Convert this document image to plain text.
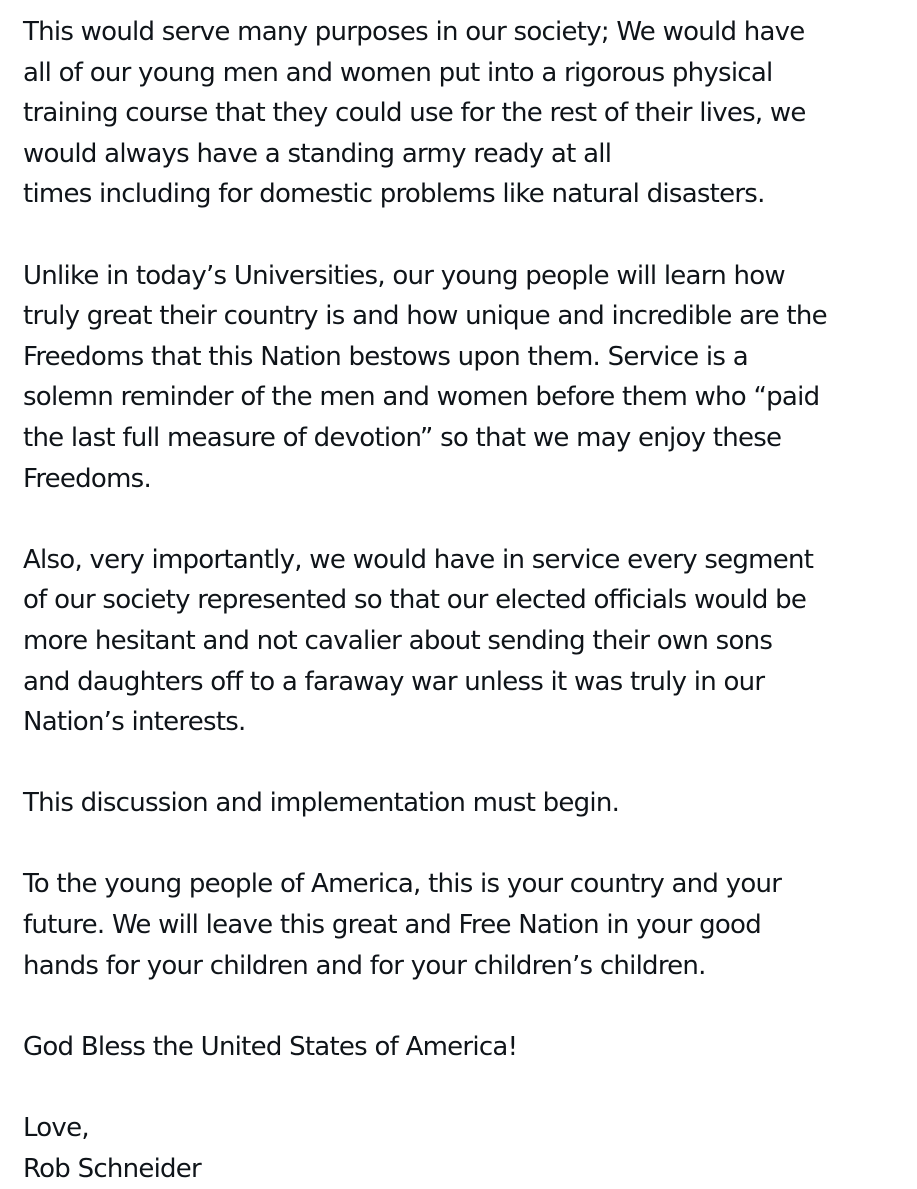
This would serve many purposes in our society; We would have
all of our young men and women put into a rigorous physical
training course that they could use for the rest of their lives, we
would always have a standing army ready at all
times including for domestic problems like natural disasters.

Unlike in today’s Universities, our young people will learn how
truly great their country is and how unique and incredible are the
Freedoms that this Nation bestows upon them. Service is a
solemn reminder of the men and women before them who “paid
the last full measure of devotion” so that we may enjoy these
Freedoms.

Also, very importantly, we would have in service every segment
of our society represented so that our elected officials would be
more hesitant and not cavalier about sending their own sons
and daughters off to a faraway war unless it was truly in our
Nation’s interests.

This discussion and implementation must begin.

To the young people of America, this is your country and your
future. We will leave this great and Free Nation in your good
hands for your children and for your children’s children.

God Bless the United States of America!

Love,

Rob Schneider
